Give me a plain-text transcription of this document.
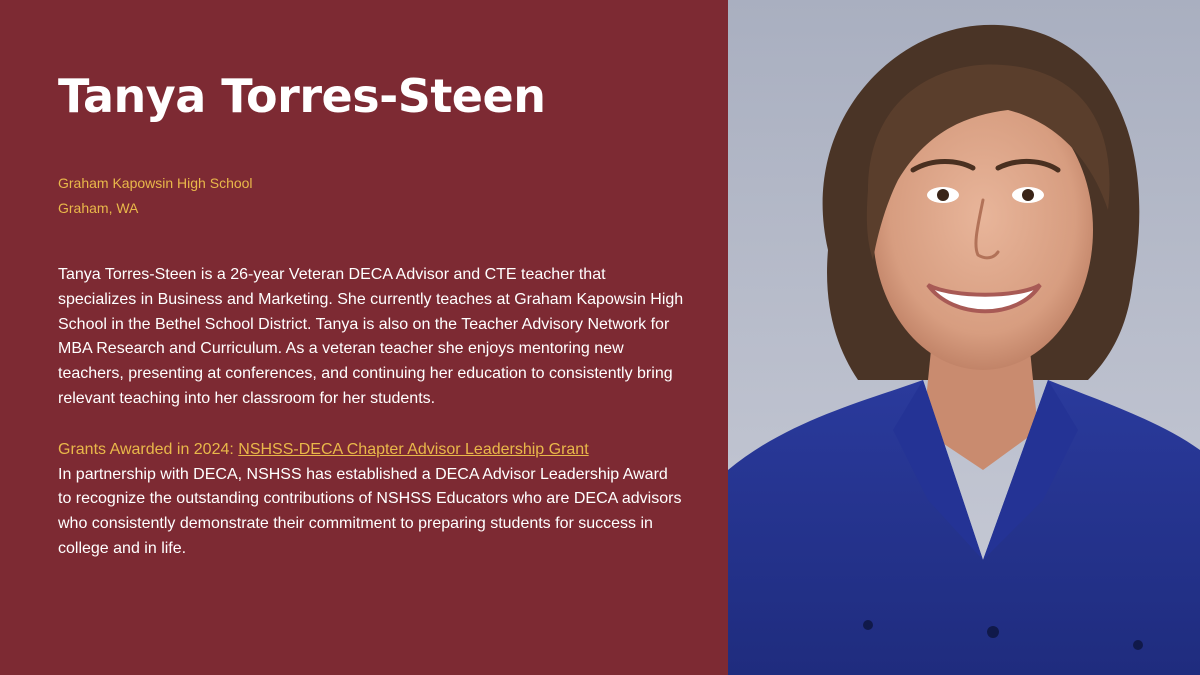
Tanya Torres-Steen
Graham Kapowsin High School
Graham, WA

Tanya Torres-Steen is a 26-year Veteran DECA Advisor and CTE teacher that specializes in Business and Marketing. She currently teaches at Graham Kapowsin High School in the Bethel School District. Tanya is also on the Teacher Advisory Network for MBA Research and Curriculum. As a veteran teacher she enjoys mentoring new teachers, presenting at conferences, and continuing her education to consistently bring relevant teaching into her classroom for her students.

Grants Awarded in 2024: NSHSS-DECA Chapter Advisor Leadership Grant

In partnership with DECA, NSHSS has established a DECA Advisor Leadership Award to recognize the outstanding contributions of NSHSS Educators who are DECA advisors who consistently demonstrate their commitment to preparing students for success in college and in life.
